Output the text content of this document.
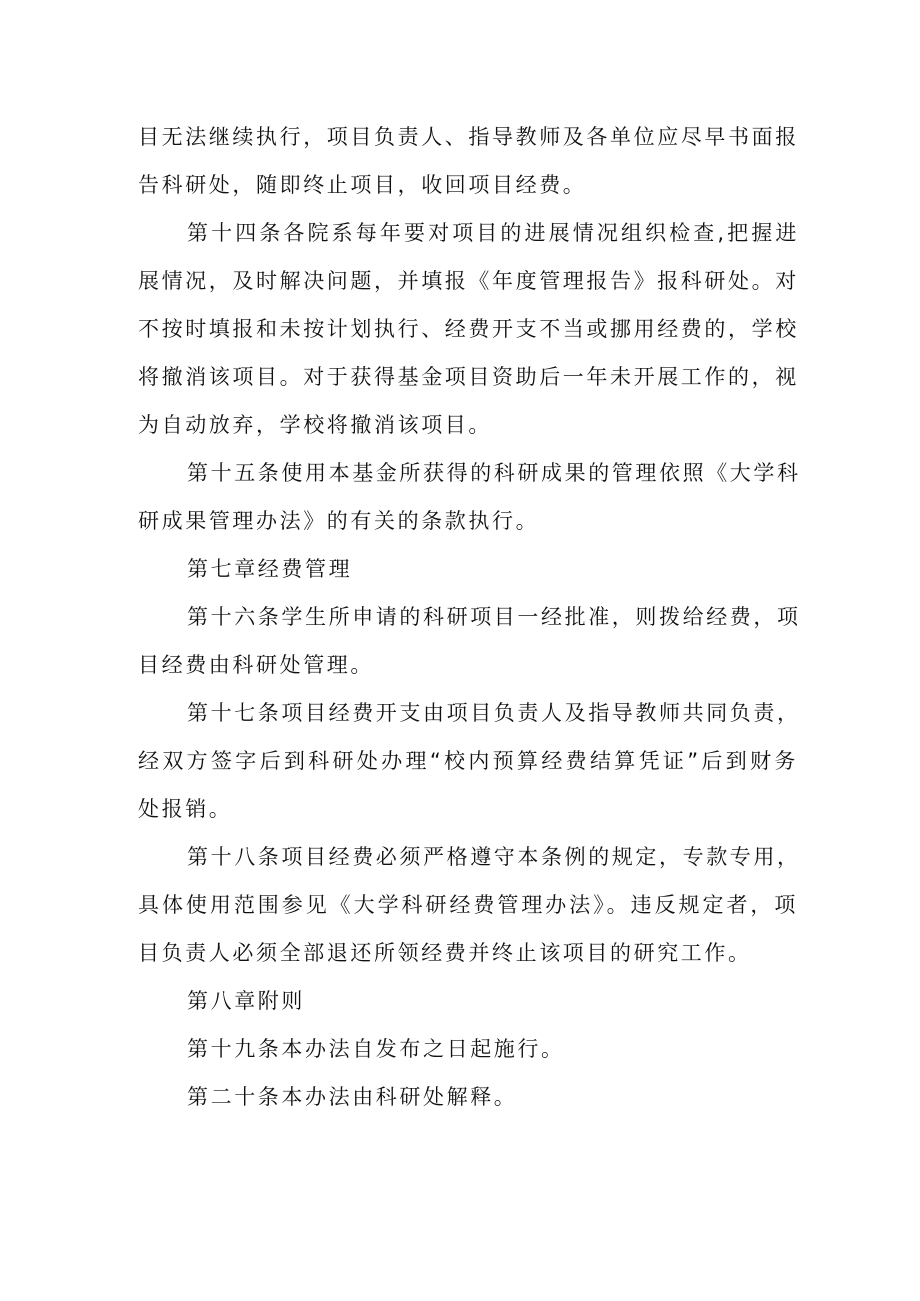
目无法继续执行，项目负责人、指导教师及各单位应尽早书面报
告科研处，随即终止项目，收回项目经费。
第十四条各院系每年要对项目的进展情况组织检查,把握进
展情况，及时解决问题，并填报《年度管理报告》报科研处。对
不按时填报和未按计划执行、经费开支不当或挪用经费的，学校
将撤消该项目。对于获得基金项目资助后一年未开展工作的，视
为自动放弃，学校将撤消该项目。
第十五条使用本基金所获得的科研成果的管理依照《大学科
研成果管理办法》的有关的条款执行。
第七章经费管理
第十六条学生所申请的科研项目一经批准，则拨给经费，项
目经费由科研处管理。
第十七条项目经费开支由项目负责人及指导教师共同负责，
经双方签字后到科研处办理“校内预算经费结算凭证”后到财务
处报销。
第十八条项目经费必须严格遵守本条例的规定，专款专用，
具体使用范围参见《大学科研经费管理办法》。违反规定者，项
目负责人必须全部退还所领经费并终止该项目的研究工作。
第八章附则
第十九条本办法自发布之日起施行。
第二十条本办法由科研处解释。
